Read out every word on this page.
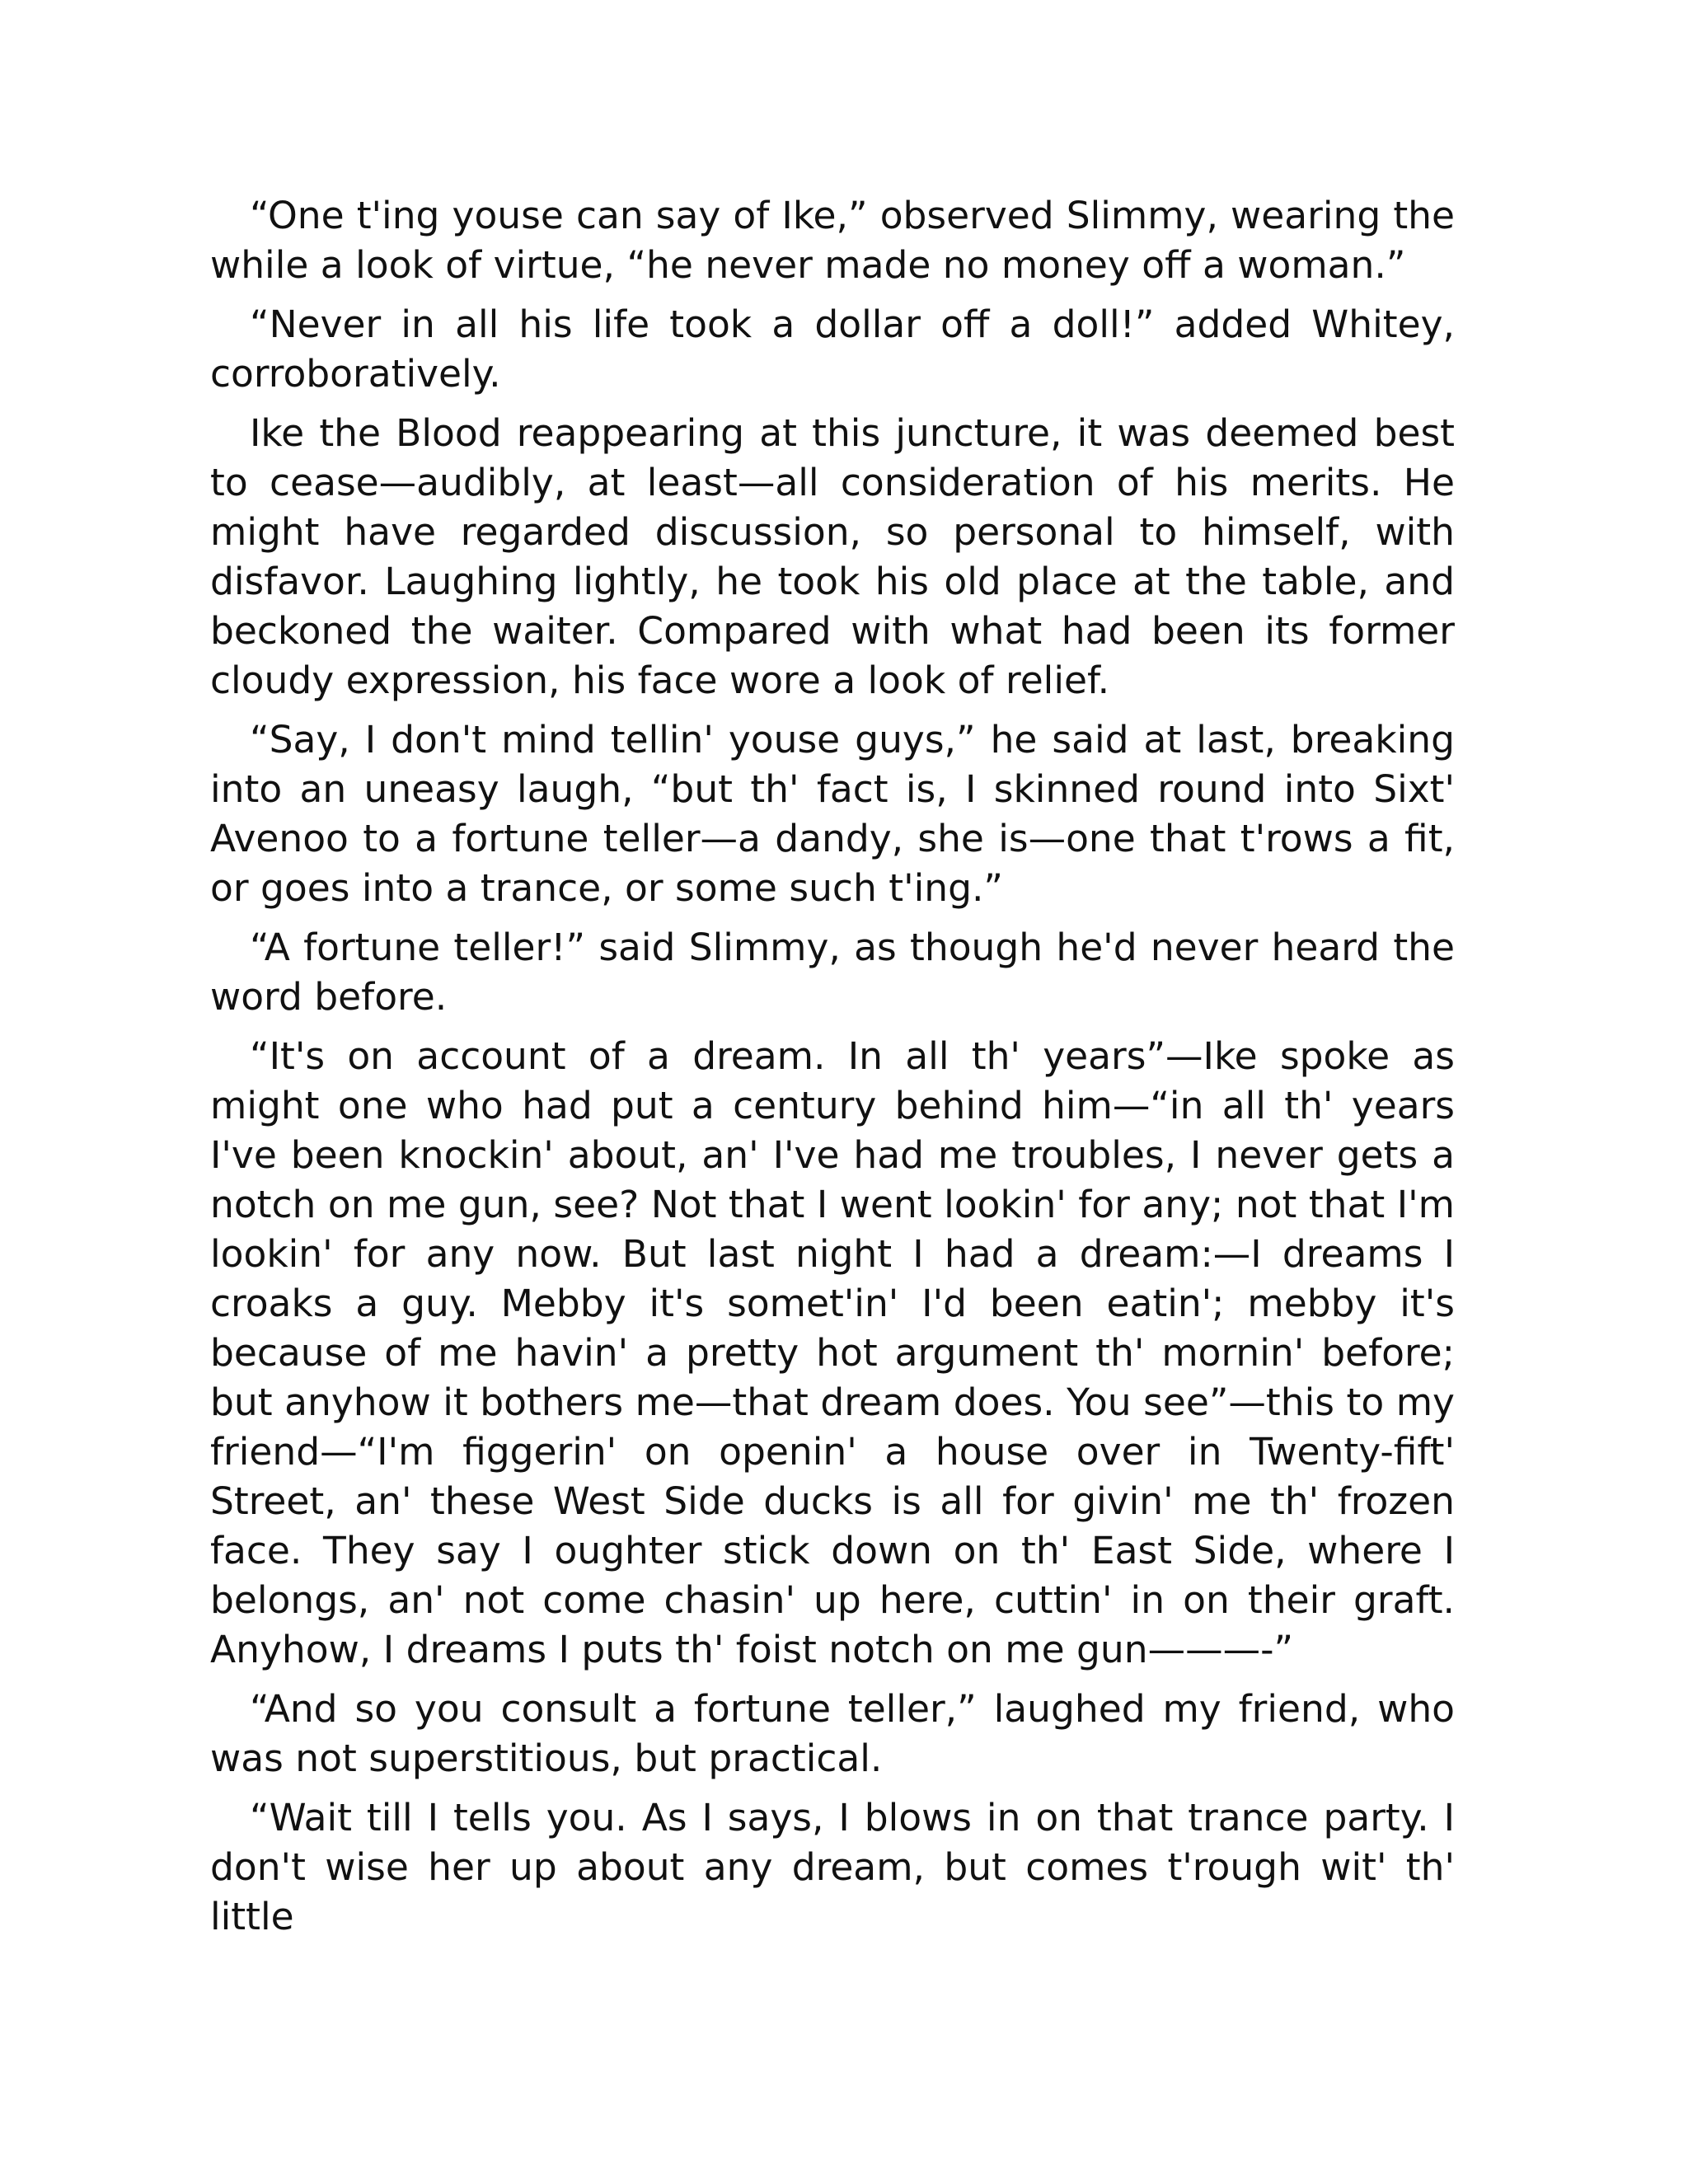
“One t'ing youse can say of Ike,” observed Slimmy, wearing the while a look of virtue, “he never made no money off a woman.”

“Never in all his life took a dollar off a doll!” added Whitey, corroboratively.

Ike the Blood reappearing at this juncture, it was deemed best to cease—audibly, at least—all consideration of his merits. He might have regarded discussion, so personal to himself, with disfavor. Laughing lightly, he took his old place at the table, and beckoned the waiter. Compared with what had been its former cloudy expression, his face wore a look of relief.

“Say, I don't mind tellin' youse guys,” he said at last, breaking into an uneasy laugh, “but th' fact is, I skinned round into Sixt' Avenoo to a fortune teller—a dandy, she is—one that t'rows a fit, or goes into a trance, or some such t'ing.”

“A fortune teller!” said Slimmy, as though he'd never heard the word before.

“It's on account of a dream. In all th' years”—Ike spoke as might one who had put a century behind him—“in all th' years I've been knockin' about, an' I've had me troubles, I never gets a notch on me gun, see? Not that I went lookin' for any; not that I'm lookin' for any now. But last night I had a dream:—I dreams I croaks a guy. Mebby it's somet'in' I'd been eatin'; mebby it's because of me havin' a pretty hot argument th' mornin' before; but anyhow it bothers me—that dream does. You see”—this to my friend—“I'm figgerin' on openin' a house over in Twenty-fift' Street, an' these West Side ducks is all for givin' me th' frozen face. They say I oughter stick down on th' East Side, where I belongs, an' not come chasin' up here, cuttin' in on their graft. Anyhow, I dreams I puts th' foist notch on me gun———-”

“And so you consult a fortune teller,” laughed my friend, who was not superstitious, but practical.

“Wait till I tells you. As I says, I blows in on that trance party. I don't wise her up about any dream, but comes t'rough wit' th' little
